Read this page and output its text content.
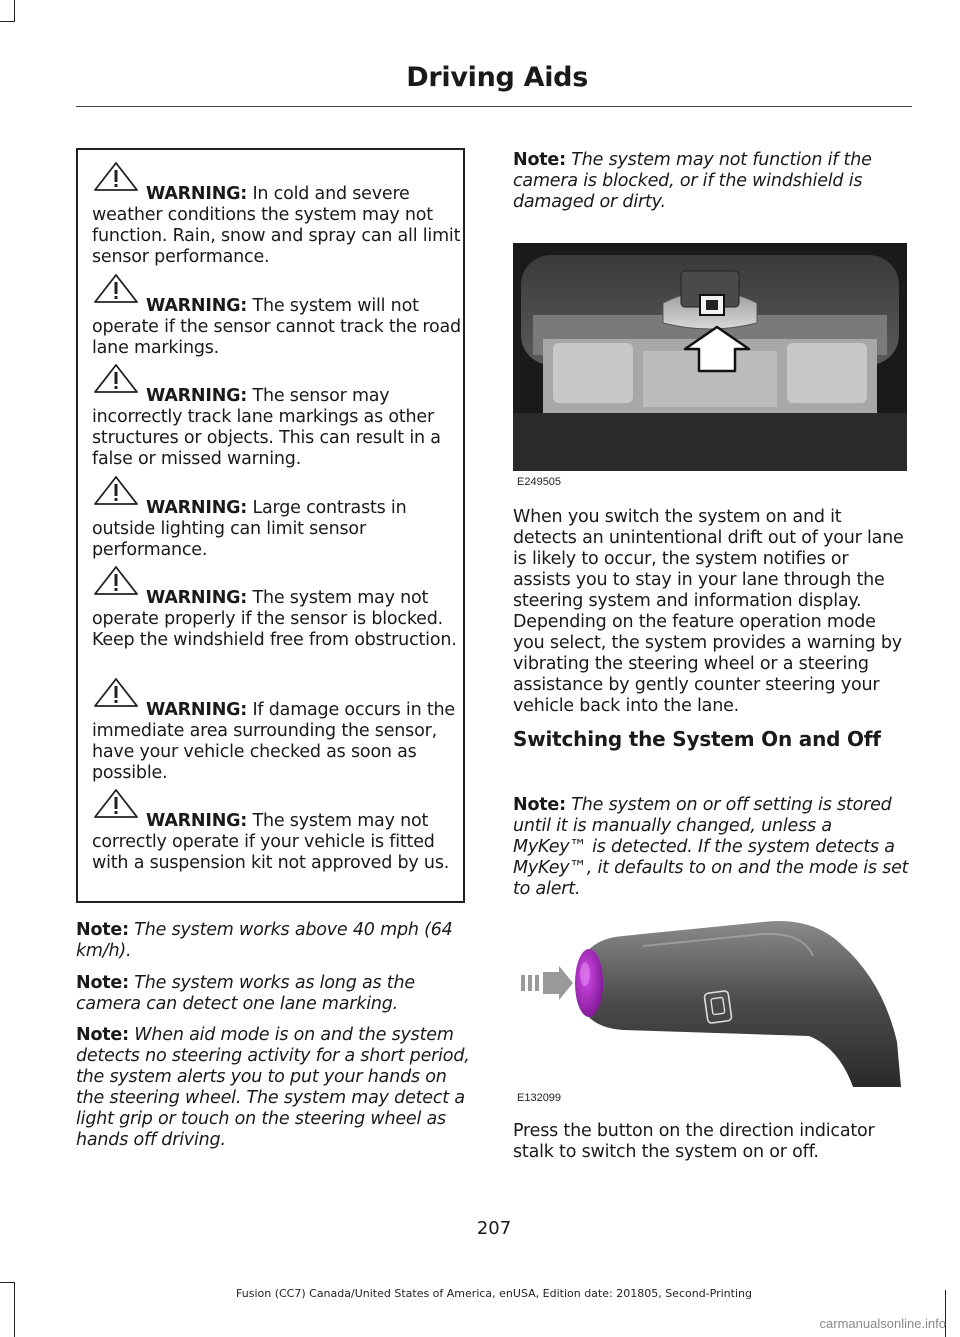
Driving Aids

WARNING: In cold and severe weather conditions the system may not function. Rain, snow and spray can all limit sensor performance.

WARNING: The system will not operate if the sensor cannot track the road lane markings.

WARNING: The sensor may incorrectly track lane markings as other structures or objects. This can result in a false or missed warning.

WARNING: Large contrasts in outside lighting can limit sensor performance.

WARNING: The system may not operate properly if the sensor is blocked. Keep the windshield free from obstruction.

WARNING: If damage occurs in the immediate area surrounding the sensor, have your vehicle checked as soon as possible.

WARNING: The system may not correctly operate if your vehicle is fitted with a suspension kit not approved by us.

Note: The system works above 40 mph (64 km/h).

Note: The system works as long as the camera can detect one lane marking.

Note: When aid mode is on and the system detects no steering activity for a short period, the system alerts you to put your hands on the steering wheel. The system may detect a light grip or touch on the steering wheel as hands off driving.

Note: The system may not function if the camera is blocked, or if the windshield is damaged or dirty.

E249505

When you switch the system on and it detects an unintentional drift out of your lane is likely to occur, the system notifies or assists you to stay in your lane through the steering system and information display. Depending on the feature operation mode you select, the system provides a warning by vibrating the steering wheel or a steering assistance by gently counter steering your vehicle back into the lane.

Switching the System On and Off

Note: The system on or off setting is stored until it is manually changed, unless a MyKey™ is detected. If the system detects a MyKey™, it defaults to on and the mode is set to alert.

E132099

Press the button on the direction indicator stalk to switch the system on or off.

207
Fusion (CC7) Canada/United States of America, enUSA, Edition date: 201805, Second-Printing
carmanualsonline.info
